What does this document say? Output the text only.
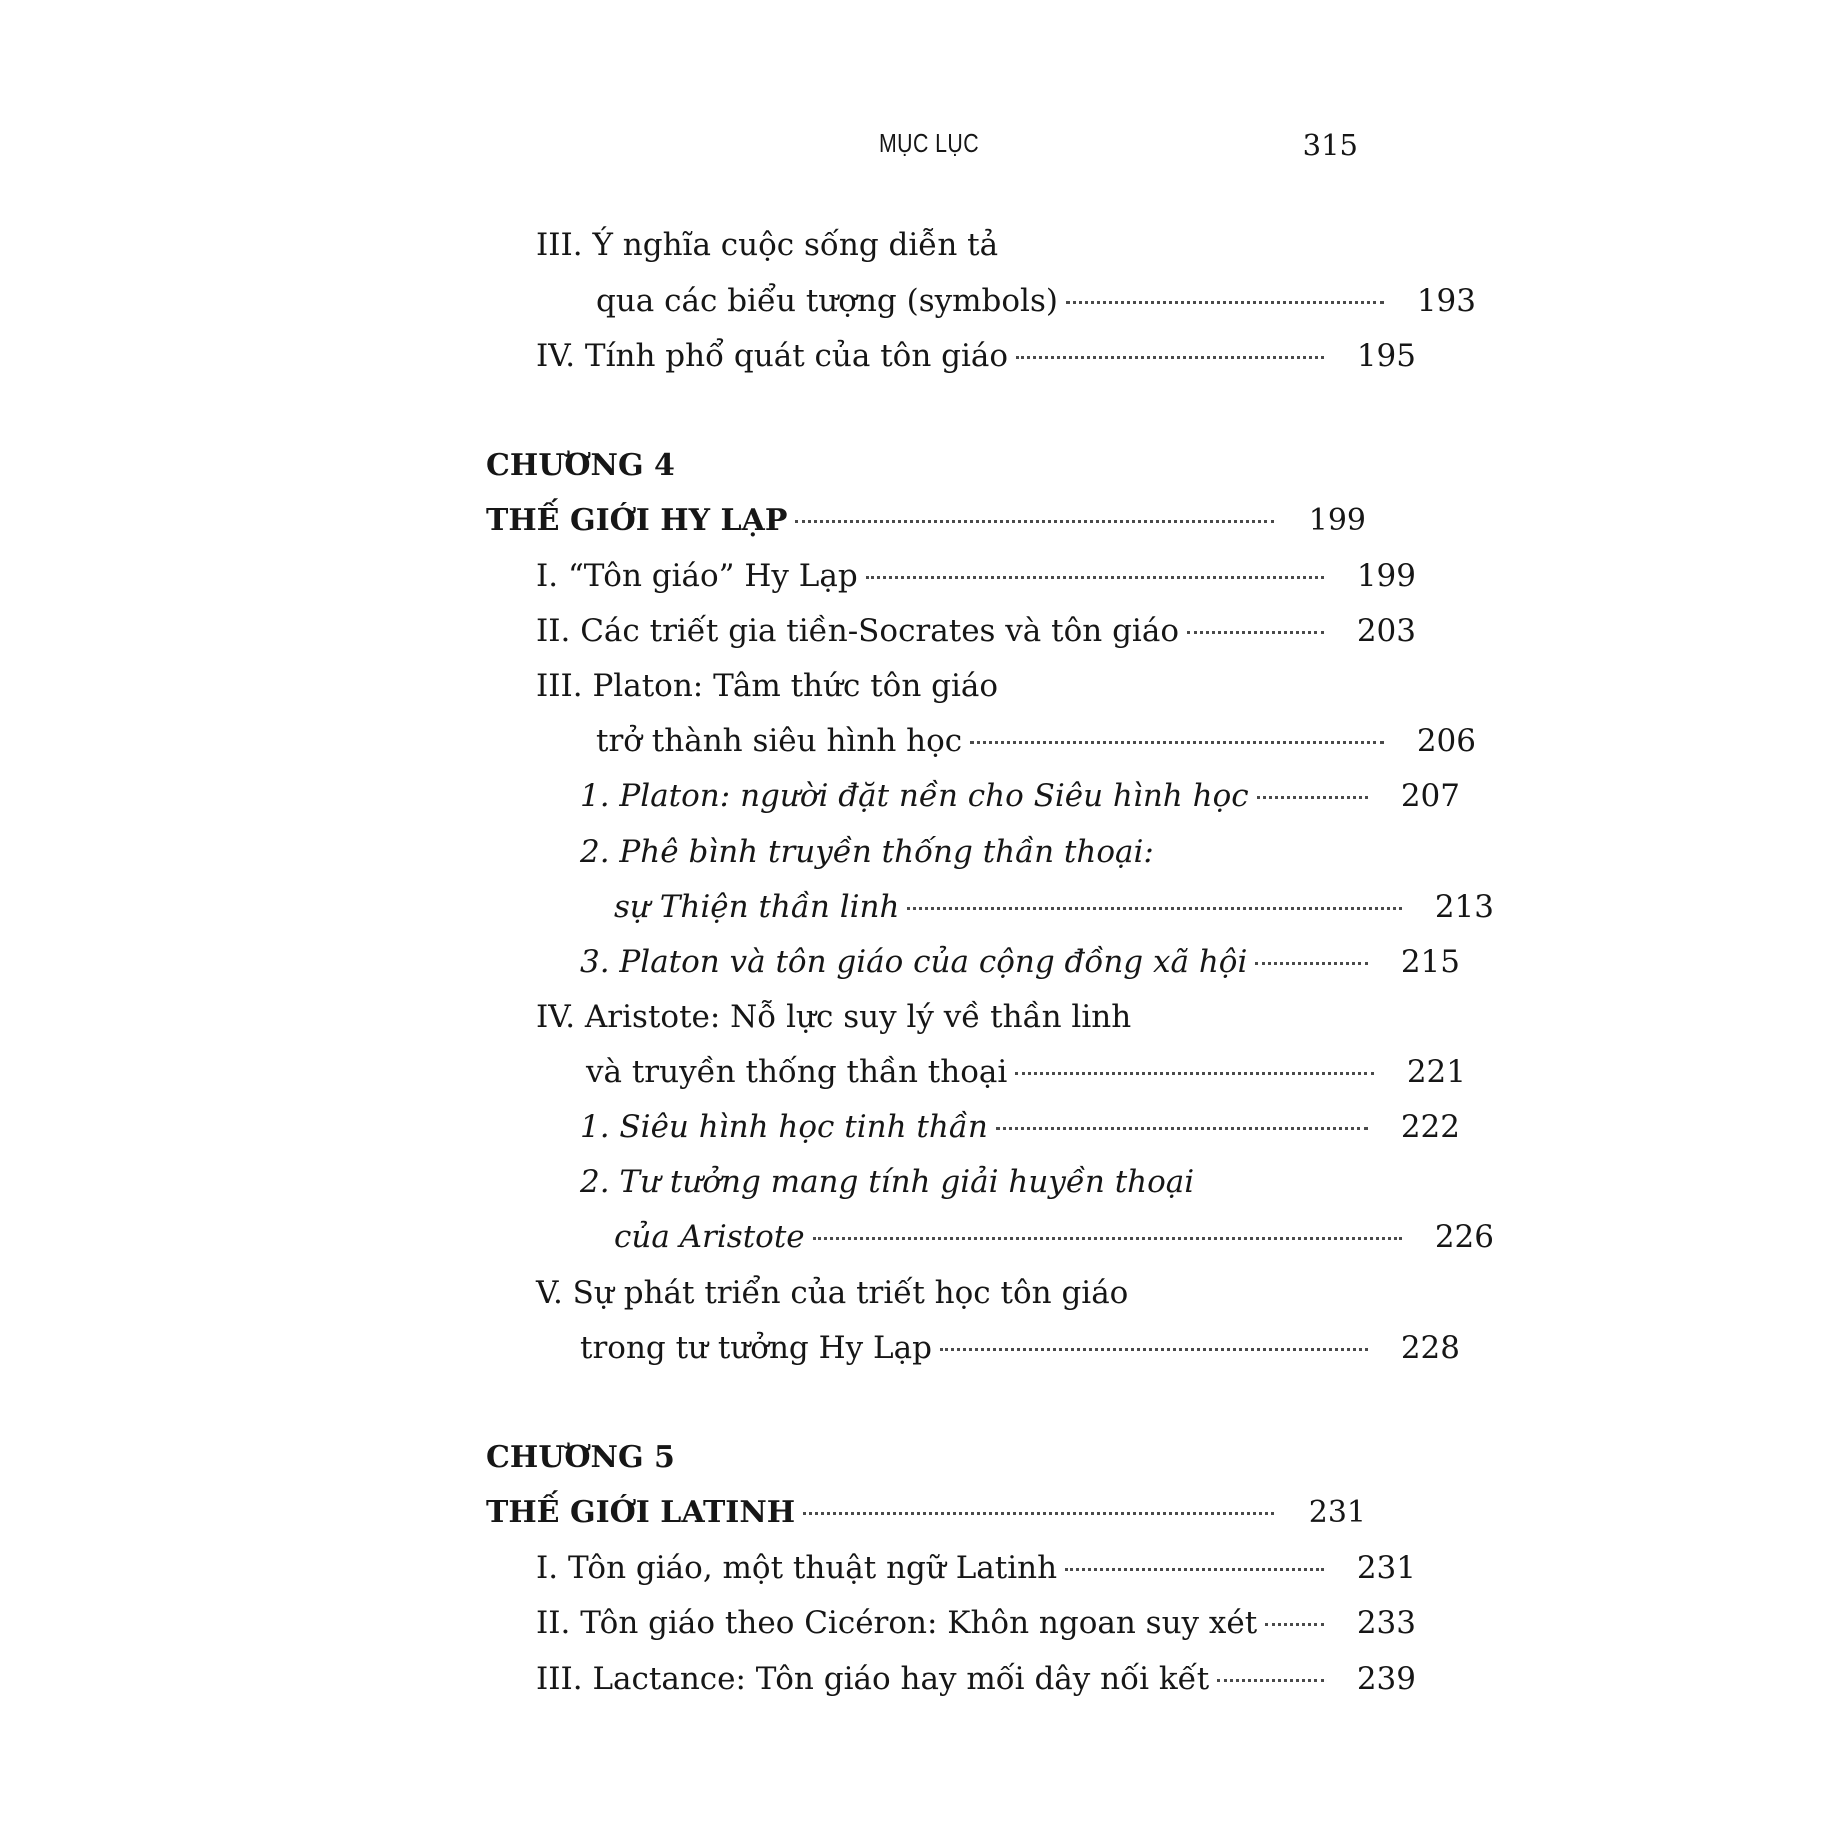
MỤC LỤC	315
III. Ý nghĩa cuộc sống diễn tả
qua các biểu tượng (symbols)	193
IV. Tính phổ quát của tôn giáo	195
CHƯƠNG 4
THẾ GIỚI HY LẠP	199
I. “Tôn giáo” Hy Lạp	199
II. Các triết gia tiền-Socrates và tôn giáo	203
III. Platon: Tâm thức tôn giáo
trở thành siêu hình học	206
1. Platon: người đặt nền cho Siêu hình học	207
2. Phê bình truyền thống thần thoại:
sự Thiện thần linh	213
3. Platon và tôn giáo của cộng đồng xã hội	215
IV. Aristote: Nỗ lực suy lý về thần linh
và truyền thống thần thoại	221
1. Siêu hình học tinh thần	222
2. Tư tưởng mang tính giải huyền thoại
của Aristote	226
V. Sự phát triển của triết học tôn giáo
trong tư tưởng Hy Lạp	228
CHƯƠNG 5
THẾ GIỚI LATINH	231
I. Tôn giáo, một thuật ngữ Latinh	231
II. Tôn giáo theo Cicéron: Khôn ngoan suy xét	233
III. Lactance: Tôn giáo hay mối dây nối kết	239
